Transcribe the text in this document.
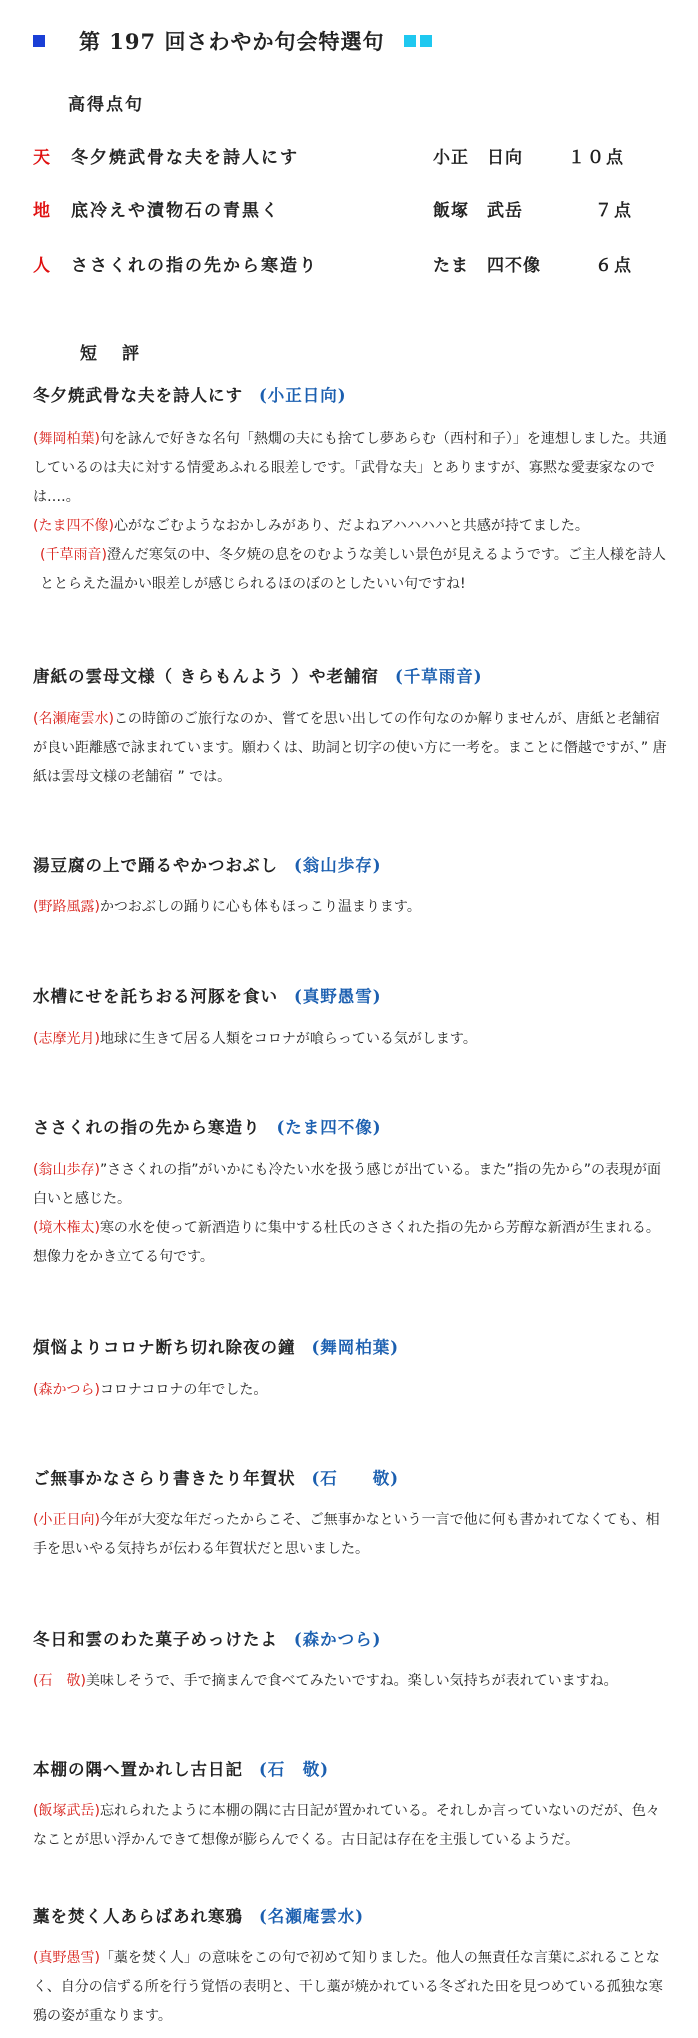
第 197 回さわやか句会特選句
高得点句
天 冬夕焼武骨な夫を詩人にす	小正　日向	１０点
地 底冷えや漬物石の青黒く	飯塚　武岳	７点
人 ささくれの指の先から寒造り	たま　四不像	６点
短　評
冬夕焼武骨な夫を詩人にす (小正日向)

(舞岡柏葉)句を詠んで好きな名句「熱燗の夫にも捨てし夢あらむ（西村和子）」を連想しました。共通しているのは夫に対する情愛あふれる眼差しです。「武骨な夫」とありますが、寡黙な愛妻家なのでは‥‥。

(たま四不像)心がなごむようなおかしみがあり、だよねアハハハハと共感が持てました。

(千草雨音)澄んだ寒気の中、冬夕焼の息をのむような美しい景色が見えるようです。ご主人様を詩人ととらえた温かい眼差しが感じられるほのぼのとしたいい句ですね!

唐紙の雲母文様（ きらもんよう ）や老舗宿 (千草雨音)

(名瀬庵雲水)この時節のご旅行なのか、嘗てを思い出しての作句なのか解りませんが、唐紙と老舗宿が良い距離感で詠まれています。願わくは、助詞と切字の使い方に一考を。まことに僭越ですが、” 唐紙は雲母文様の老舗宿 ” では。

湯豆腐の上で踊るやかつおぶし (翁山歩存)

(野路風露)かつおぶしの踊りに心も体もほっこり温まります。

水槽にせを託ちおる河豚を食い (真野愚雪)

(志摩光月)地球に生きて居る人類をコロナが喰らっている気がします。

ささくれの指の先から寒造り (たま四不像)

(翁山歩存)”ささくれの指”がいかにも冷たい水を扱う感じが出ている。また”指の先から”の表現が面白いと感じた。

(境木権太)寒の水を使って新酒造りに集中する杜氏のささくれた指の先から芳醇な新酒が生まれる。想像力をかき立てる句です。

煩悩よりコロナ断ち切れ除夜の鐘 (舞岡柏葉)

(森かつら)コロナコロナの年でした。

ご無事かなさらり書きたり年賀状 (石　　敬)

(小正日向)今年が大変な年だったからこそ、ご無事かなという一言で他に何も書かれてなくても、相手を思いやる気持ちが伝わる年賀状だと思いました。

冬日和雲のわた菓子めっけたよ (森かつら)

(石　敬)美味しそうで、手で摘まんで食べてみたいですね。楽しい気持ちが表れていますね。

本棚の隅へ置かれし古日記 (石　敬)

(飯塚武岳)忘れられたように本棚の隅に古日記が置かれている。それしか言っていないのだが、色々なことが思い浮かんできて想像が膨らんでくる。古日記は存在を主張しているようだ。

藁を焚く人あらばあれ寒鴉 (名瀬庵雲水)

(真野愚雪)「藁を焚く人」の意味をこの句で初めて知りました。他人の無責任な言葉にぶれることなく、自分の信ずる所を行う覚悟の表明と、干し藁が焼かれている冬ざれた田を見つめている孤独な寒鴉の姿が重なります。
